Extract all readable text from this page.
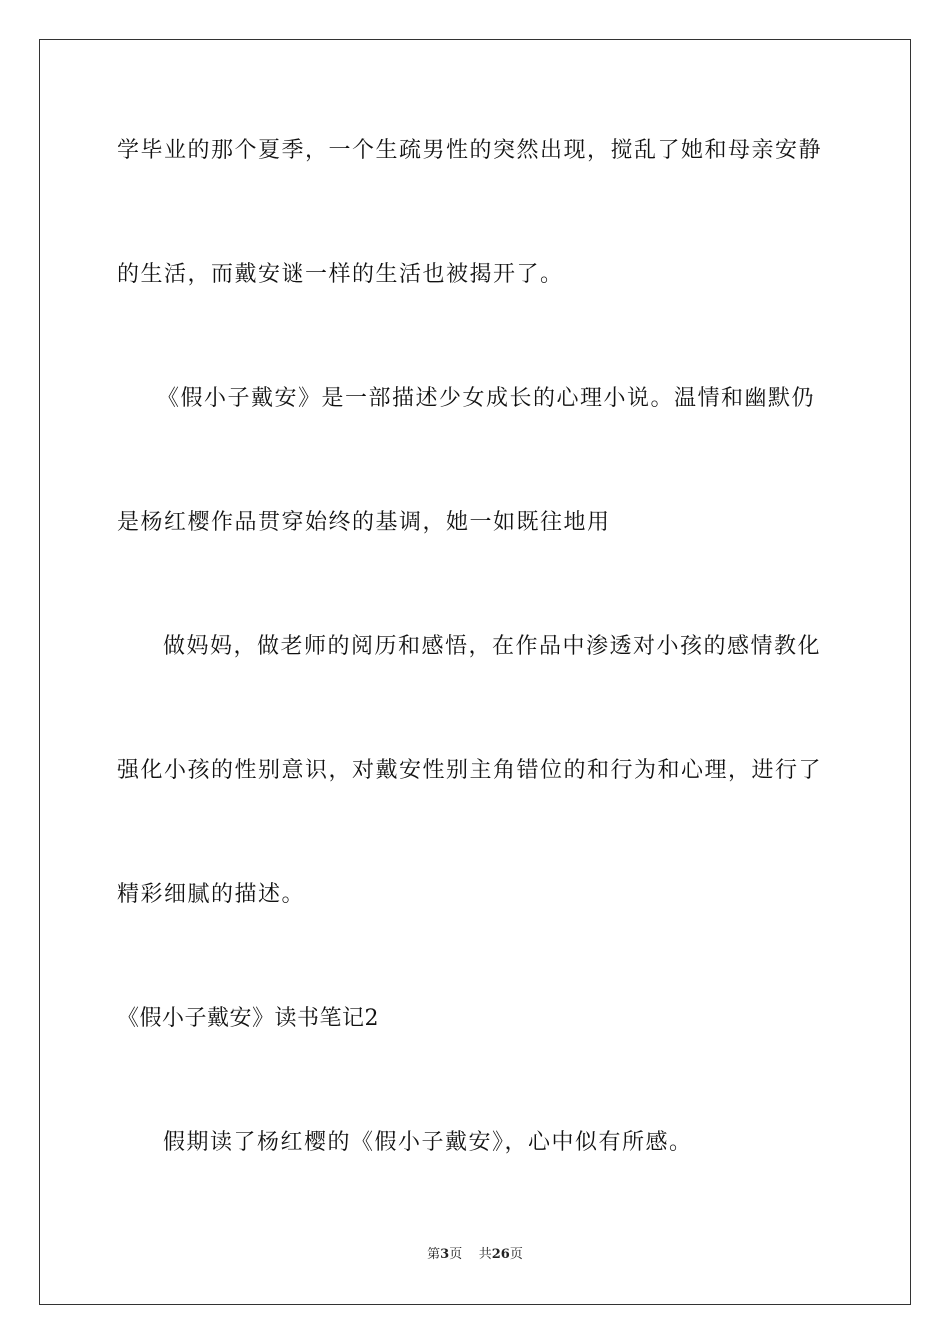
学毕业的那个夏季，一个生疏男性的突然出现，搅乱了她和母亲安静
的生活，而戴安谜一样的生活也被揭开了。
《假小子戴安》是一部描述少女成长的心理小说。温情和幽默仍
是杨红樱作品贯穿始终的基调，她一如既往地用
做妈妈，做老师的阅历和感悟，在作品中渗透对小孩的感情教化
强化小孩的性别意识，对戴安性别主角错位的和行为和心理，进行了
精彩细腻的描述。
《假小子戴安》读书笔记2
假期读了杨红樱的《假小子戴安》，心中似有所感。
第3页 共26页
